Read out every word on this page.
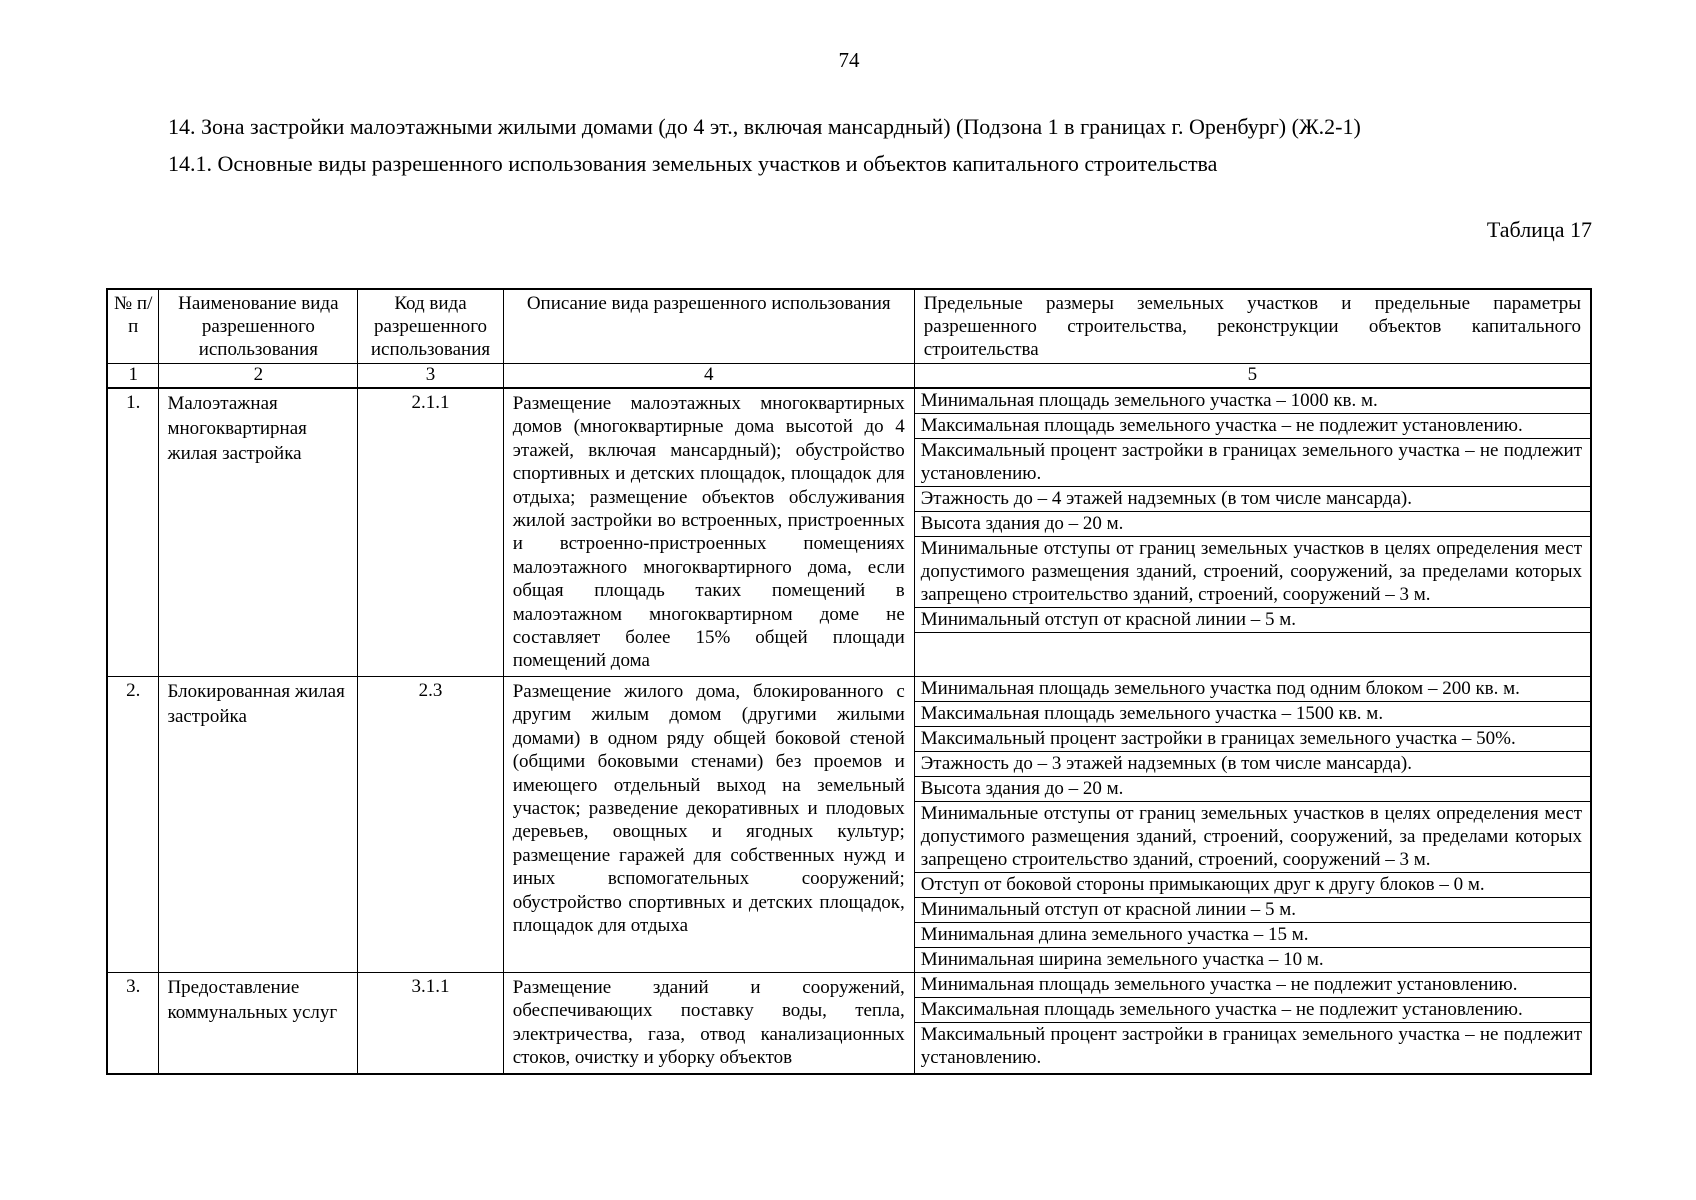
74

14. Зона застройки малоэтажными жилыми домами (до 4 эт., включая мансардный) (Подзона 1 в границах г. Оренбург) (Ж.2-1)

14.1. Основные виды разрешенного использования земельных участков и объектов капитального строительства

Таблица 17

№ п/п	Наименование вида разрешенного использования	Код вида разрешенного использования	Описание вида разрешенного использования	Предельные размеры земельных участков и предельные параметры разрешенного строительства, реконструкции объектов капитального строительства
1	2	3	4	5
1.	Малоэтажная многоквартирная жилая застройка	2.1.1	Размещение малоэтажных многоквартирных домов (многоквартирные дома высотой до 4 этажей, включая мансардный); обустройство спортивных и детских площадок, площадок для отдыха; размещение объектов обслуживания жилой застройки во встроенных, пристроенных и встроенно-пристроенных помещениях малоэтажного многоквартирного дома, если общая площадь таких помещений в малоэтажном многоквартирном доме не составляет более 15% общей площади помещений дома	
Минимальная площадь земельного участка – 1000 кв. м.
Максимальная площадь земельного участка – не подлежит установлению.
Максимальный процент застройки в границах земельного участка – не подлежит установлению.
Этажность до – 4 этажей надземных (в том числе мансарда).
Высота здания до – 20 м.
Минимальные отступы от границ земельных участков в целях определения мест допустимого размещения зданий, строений, сооружений, за пределами которых запрещено строительство зданий, строений, сооружений – 3 м.
Минимальный отступ от красной линии – 5 м.

2.	Блокированная жилая застройка	2.3	Размещение жилого дома, блокированного с другим жилым домом (другими жилыми домами) в одном ряду общей боковой стеной (общими боковыми стенами) без проемов и имеющего отдельный выход на земельный участок; разведение декоративных и плодовых деревьев, овощных и ягодных культур; размещение гаражей для собственных нужд и иных вспомогательных сооружений; обустройство спортивных и детских площадок, площадок для отдыха	
Минимальная площадь земельного участка под одним блоком – 200 кв. м.
Максимальная площадь земельного участка – 1500 кв. м.
Максимальный процент застройки в границах земельного участка – 50%.
Этажность до – 3 этажей надземных (в том числе мансарда).
Высота здания до – 20 м.
Минимальные отступы от границ земельных участков в целях определения мест допустимого размещения зданий, строений, сооружений, за пределами которых запрещено строительство зданий, строений, сооружений – 3 м.
Отступ от боковой стороны примыкающих друг к другу блоков – 0 м.
Минимальный отступ от красной линии – 5 м.
Минимальная длина земельного участка – 15 м.
Минимальная ширина земельного участка – 10 м.

3.	Предоставление коммунальных услуг	3.1.1	Размещение зданий и сооружений, обеспечивающих поставку воды, тепла, электричества, газа, отвод канализационных стоков, очистку и уборку объектов	Минимальная площадь земельного участка – не подлежит установлению.
Максимальная площадь земельного участка – не подлежит установлению.
Максимальный процент застройки в границах земельного участка – не подлежит установлению.
